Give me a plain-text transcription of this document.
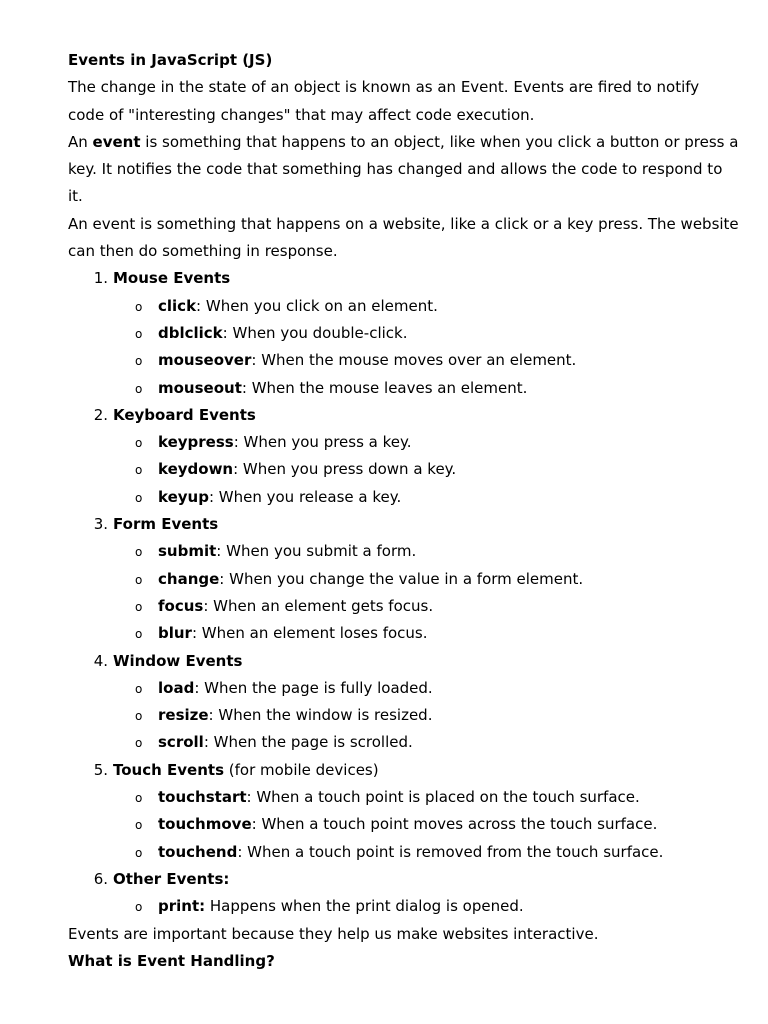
Events in JavaScript (JS)
The change in the state of an object is known as an Event. Events are fired to notify code of "interesting changes" that may affect code execution.
An event is something that happens to an object, like when you click a button or press a key. It notifies the code that something has changed and allows the code to respond to it.
An event is something that happens on a website, like a click or a key press. The website can then do something in response.
1. Mouse Events
o click: When you click on an element.
o dblclick: When you double-click.
o mouseover: When the mouse moves over an element.
o mouseout: When the mouse leaves an element.
2. Keyboard Events
o keypress: When you press a key.
o keydown: When you press down a key.
o keyup: When you release a key.
3. Form Events
o submit: When you submit a form.
o change: When you change the value in a form element.
o focus: When an element gets focus.
o blur: When an element loses focus.
4. Window Events
o load: When the page is fully loaded.
o resize: When the window is resized.
o scroll: When the page is scrolled.
5. Touch Events (for mobile devices)
o touchstart: When a touch point is placed on the touch surface.
o touchmove: When a touch point moves across the touch surface.
o touchend: When a touch point is removed from the touch surface.
6. Other Events:
o print: Happens when the print dialog is opened.
Events are important because they help us make websites interactive.
What is Event Handling?
